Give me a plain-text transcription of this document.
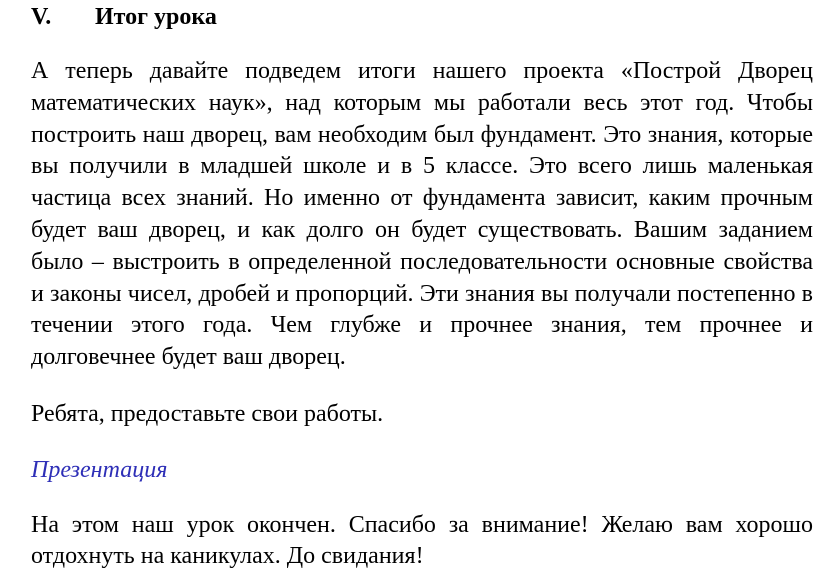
V. Итог урока

А теперь давайте подведем итоги нашего проекта «Построй Дворец математических наук», над которым мы работали весь этот год. Чтобы построить наш дворец, вам необходим был фундамент. Это знания, которые вы получили в младшей школе и в 5 классе. Это всего лишь маленькая частица всех знаний. Но именно от фундамента зависит, каким прочным будет ваш дворец, и как долго он будет существовать. Вашим заданием было – выстроить в определенной последовательности основные свойства и законы чисел, дробей и пропорций. Эти знания вы получали постепенно в течении этого года. Чем глубже и прочнее знания, тем прочнее и долговечнее будет ваш дворец.

Ребята, предоставьте свои работы.

Презентация

На этом наш урок окончен. Спасибо за внимание! Желаю вам хорошо отдохнуть на каникулах. До свидания!
